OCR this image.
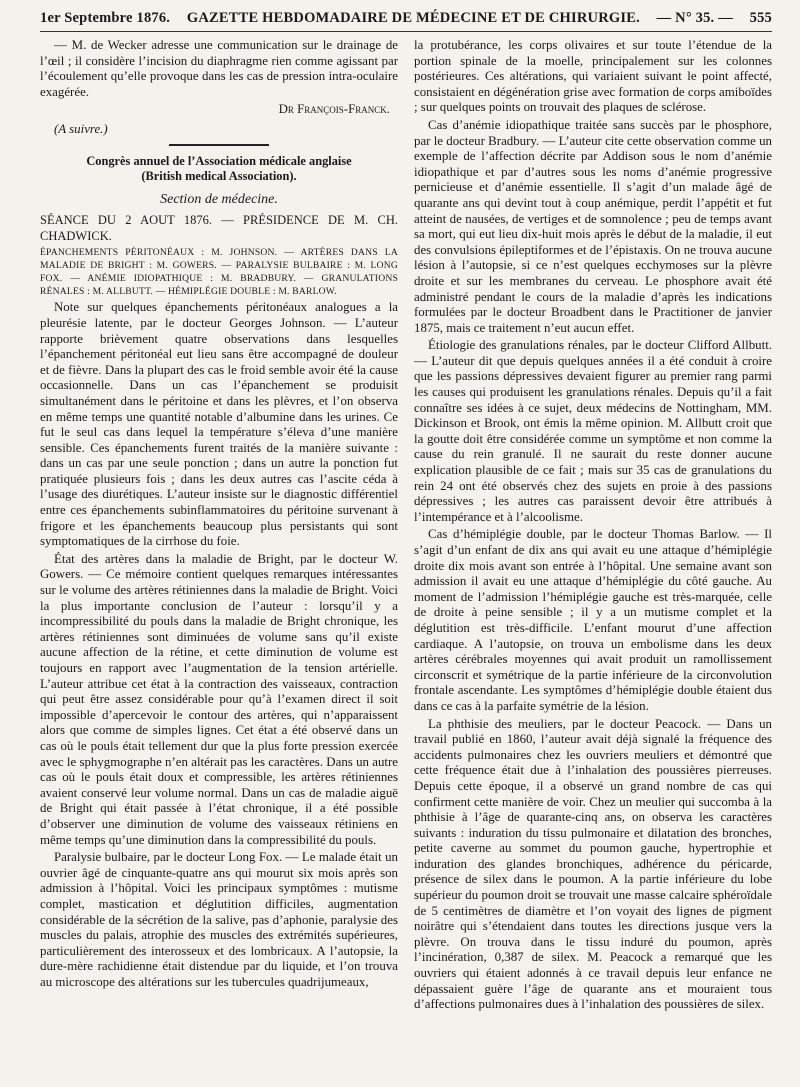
1er Septembre 1876. GAZETTE HEBDOMADAIRE DE MÉDECINE ET DE CHIRURGIE. — N° 35. — 555

— M. de Wecker adresse une communication sur le drainage de l’œil ; il considère l’incision du diaphragme rien comme agissant par l’écoulement qu’elle provoque dans les cas de pression intra-oculaire exagérée.

Dr François-Franck.
(A suivre.)
Congrès annuel de l’Association médicale anglaise
(British medical Association).
Section de médecine.

SÉANCE DU 2 AOUT 1876. — PRÉSIDENCE DE M. CH. CHADWICK.

ÉPANCHEMENTS PÉRITONÉAUX : M. JOHNSON. — ARTÈRES DANS LA MALADIE DE BRIGHT : M. GOWERS. — PARALYSIE BULBAIRE : M. LONG FOX. — ANÉMIE IDIOPATHIQUE : M. BRADBURY. — GRANULATIONS RÉNALES : M. ALLBUTT. — HÉMIPLÉGIE DOUBLE : M. BARLOW.

Note sur quelques épanchements péritonéaux analogues a la pleurésie latente, par le docteur Georges Johnson. — L’auteur rapporte brièvement quatre observations dans lesquelles l’épanchement péritonéal eut lieu sans être accompagné de douleur et de fièvre. Dans la plupart des cas le froid semble avoir été la cause occasionnelle. Dans un cas l’épanchement se produisit simultanément dans le péritoine et dans les plèvres, et l’on observa en même temps une quantité notable d’albumine dans les urines. Ce fut le seul cas dans lequel la température s’éleva d’une manière sensible. Ces épanchements furent traités de la manière suivante : dans un cas par une seule ponction ; dans un autre la ponction fut pratiquée plusieurs fois ; dans les deux autres cas l’ascite céda à l’usage des diurétiques. L’auteur insiste sur le diagnostic différentiel entre ces épanchements subinflammatoires du péritoine survenant à frigore et les épanchements beaucoup plus persistants qui sont symptomatiques de la cirrhose du foie.

État des artères dans la maladie de Bright, par le docteur W. Gowers. — Ce mémoire contient quelques remarques intéressantes sur le volume des artères rétiniennes dans la maladie de Bright. Voici la plus importante conclusion de l’auteur : lorsqu’il y a incompressibilité du pouls dans la maladie de Bright chronique, les artères rétiniennes sont diminuées de volume sans qu’il existe aucune affection de la rétine, et cette diminution de volume est toujours en rapport avec l’augmentation de la tension artérielle. L’auteur attribue cet état à la contraction des vaisseaux, contraction qui peut être assez considérable pour qu’à l’examen direct il soit impossible d’apercevoir le contour des artères, qui n’apparaissent alors que comme de simples lignes. Cet état a été observé dans un cas où le pouls était tellement dur que la plus forte pression exercée avec le sphygmographe n’en altérait pas les caractères. Dans un autre cas où le pouls était doux et compressible, les artères rétiniennes avaient conservé leur volume normal. Dans un cas de maladie aiguë de Bright qui était passée à l’état chronique, il a été possible d’observer une diminution de volume des vaisseaux rétiniens en même temps qu’une diminution dans la compressibilité du pouls.

Paralysie bulbaire, par le docteur Long Fox. — Le malade était un ouvrier âgé de cinquante-quatre ans qui mourut six mois après son admission à l’hôpital. Voici les principaux symptômes : mutisme complet, mastication et déglutition difficiles, augmentation considérable de la sécrétion de la salive, pas d’aphonie, paralysie des muscles du palais, atrophie des muscles des extrémités supérieures, particulièrement des interosseux et des lombricaux. A l’autopsie, la dure-mère rachidienne était distendue par du liquide, et l’on trouva au microscope des altérations sur les tubercules quadrijumeaux,

la protubérance, les corps olivaires et sur toute l’étendue de la portion spinale de la moelle, principalement sur les colonnes postérieures. Ces altérations, qui variaient suivant le point affecté, consistaient en dégénération grise avec formation de corps amiboïdes ; sur quelques points on trouvait des plaques de sclérose.

Cas d’anémie idiopathique traitée sans succès par le phosphore, par le docteur Bradbury. — L’auteur cite cette observation comme un exemple de l’affection décrite par Addison sous le nom d’anémie idiopathique et par d’autres sous les noms d’anémie progressive pernicieuse et d’anémie essentielle. Il s’agit d’un malade âgé de quarante ans qui devint tout à coup anémique, perdit l’appétit et fut atteint de nausées, de vertiges et de somnolence ; peu de temps avant sa mort, qui eut lieu dix-huit mois après le début de la maladie, il eut des convulsions épileptiformes et de l’épistaxis. On ne trouva aucune lésion à l’autopsie, si ce n’est quelques ecchymoses sur la plèvre droite et sur les membranes du cerveau. Le phosphore avait été administré pendant le cours de la maladie d’après les indications formulées par le docteur Broadbent dans le Practitioner de janvier 1875, mais ce traitement n’eut aucun effet.

Étiologie des granulations rénales, par le docteur Clifford Allbutt. — L’auteur dit que depuis quelques années il a été conduit à croire que les passions dépressives devaient figurer au premier rang parmi les causes qui produisent les granulations rénales. Depuis qu’il a fait connaître ses idées à ce sujet, deux médecins de Nottingham, MM. Dickinson et Brook, ont émis la même opinion. M. Allbutt croit que la goutte doit être considérée comme un symptôme et non comme la cause du rein granulé. Il ne saurait du reste donner aucune explication plausible de ce fait ; mais sur 35 cas de granulations du rein 24 ont été observés chez des sujets en proie à des passions dépressives ; les autres cas paraissent devoir être attribués à l’intempérance et à l’alcoolisme.

Cas d’hémiplégie double, par le docteur Thomas Barlow. — Il s’agit d’un enfant de dix ans qui avait eu une attaque d’hémiplégie droite dix mois avant son entrée à l’hôpital. Une semaine avant son admission il avait eu une attaque d’hémiplégie du côté gauche. Au moment de l’admission l’hémiplégie gauche est très-marquée, celle de droite à peine sensible ; il y a un mutisme complet et la déglutition est très-difficile. L’enfant mourut d’une affection cardiaque. A l’autopsie, on trouva un embolisme dans les deux artères cérébrales moyennes qui avait produit un ramollissement circonscrit et symétrique de la partie inférieure de la circonvolution frontale ascendante. Les symptômes d’hémiplégie double étaient dus dans ce cas à la parfaite symétrie de la lésion.

La phthisie des meuliers, par le docteur Peacock. — Dans un travail publié en 1860, l’auteur avait déjà signalé la fréquence des accidents pulmonaires chez les ouvriers meuliers et démontré que cette fréquence était due à l’inhalation des poussières pierreuses. Depuis cette époque, il a observé un grand nombre de cas qui confirment cette manière de voir. Chez un meulier qui succomba à la phthisie à l’âge de quarante-cinq ans, on observa les caractères suivants : induration du tissu pulmonaire et dilatation des bronches, petite caverne au sommet du poumon gauche, hypertrophie et induration des glandes bronchiques, adhérence du péricarde, présence de silex dans le poumon. A la partie inférieure du lobe supérieur du poumon droit se trouvait une masse calcaire sphéroïdale de 5 centimètres de diamètre et l’on voyait des lignes de pigment noirâtre qui s’étendaient dans toutes les directions jusque vers la plèvre. On trouva dans le tissu induré du poumon, après l’incinération, 0,387 de silex. M. Peacock a remarqué que les ouvriers qui étaient adonnés à ce travail depuis leur enfance ne dépassaient guère l’âge de quarante ans et mouraient tous d’affections pulmonaires dues à l’inhalation des poussières de silex.
